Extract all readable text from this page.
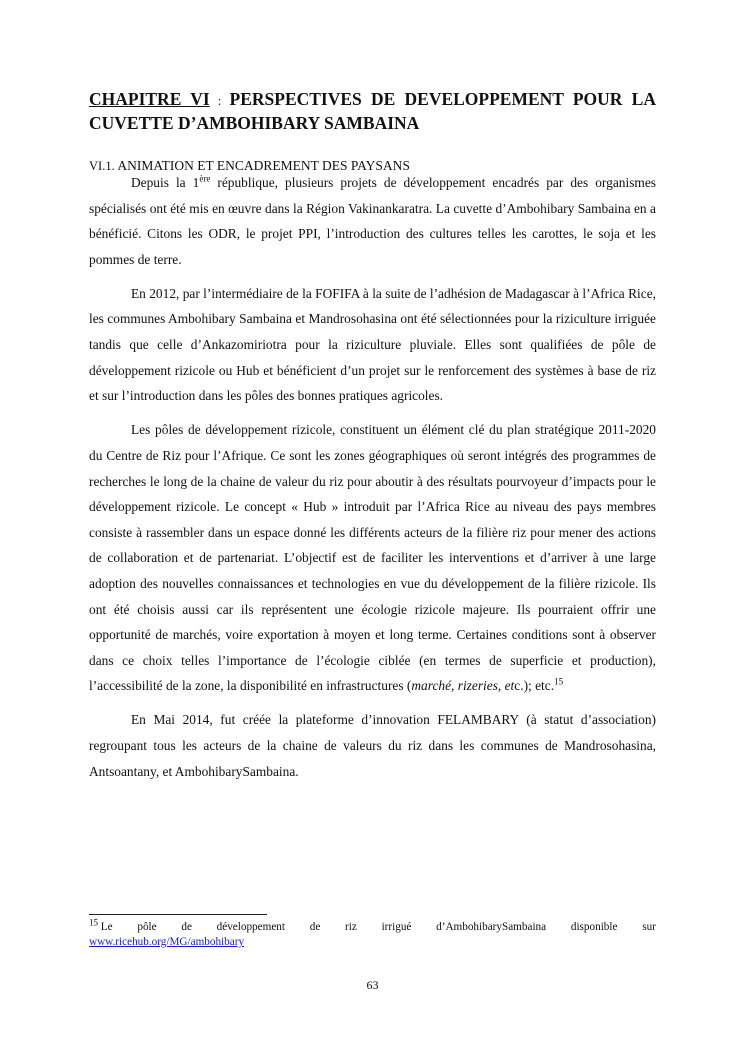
CHAPITRE VI : PERSPECTIVES DE DEVELOPPEMENT POUR LA CUVETTE D’AMBOHIBARY SAMBAINA
VI.1. ANIMATION ET ENCADREMENT DES PAYSANS

Depuis la 1ère république, plusieurs projets de développement encadrés par des organismes spécialisés ont été mis en œuvre dans la Région Vakinankaratra. La cuvette d’Ambohibary Sambaina en a bénéficié. Citons les ODR, le projet PPI, l’introduction des cultures telles les carottes, le soja et les pommes de terre.

En 2012, par l’intermédiaire de la FOFIFA à la suite de l’adhésion de Madagascar à l’Africa Rice, les communes Ambohibary Sambaina et Mandrosohasina ont été sélectionnées pour la riziculture irriguée tandis que celle d’Ankazomiriotra pour la riziculture pluviale. Elles sont qualifiées de pôle de développement rizicole ou Hub et bénéficient d’un projet sur le renforcement des systèmes à base de riz et sur l’introduction dans les pôles des bonnes pratiques agricoles.

Les pôles de développement rizicole, constituent un élément clé du plan stratégique 2011-2020 du Centre de Riz pour l’Afrique. Ce sont les zones géographiques où seront intégrés des programmes de recherches le long de la chaine de valeur du riz pour aboutir à des résultats pourvoyeur d’impacts pour le développement rizicole. Le concept « Hub » introduit par l’Africa Rice au niveau des pays membres consiste à rassembler dans un espace donné les différents acteurs de la filière riz pour mener des actions de collaboration et de partenariat. L’objectif est de faciliter les interventions et d’arriver à une large adoption des nouvelles connaissances et technologies en vue du développement de la filière rizicole. Ils ont été choisis aussi car ils représentent une écologie rizicole majeure. Ils pourraient offrir une opportunité de marchés, voire exportation à moyen et long terme. Certaines conditions sont à observer dans ce choix telles l’importance de l’écologie ciblée (en termes de superficie et production), l’accessibilité de la zone, la disponibilité en infrastructures (marché, rizeries, etc.); etc.$^{15}$

En Mai 2014, fut créée la plateforme d’innovation FELAMBARY (à statut d’association) regroupant tous les acteurs de la chaine de valeurs du riz dans les communes de Mandrosohasina, Antsoantany, et AmbohibarySambaina.

$^{15}$ Le pôle de développement de riz irrigué d’AmbohibarySambaina disponible sur
www.ricehub.org/MG/ambohibary
63
